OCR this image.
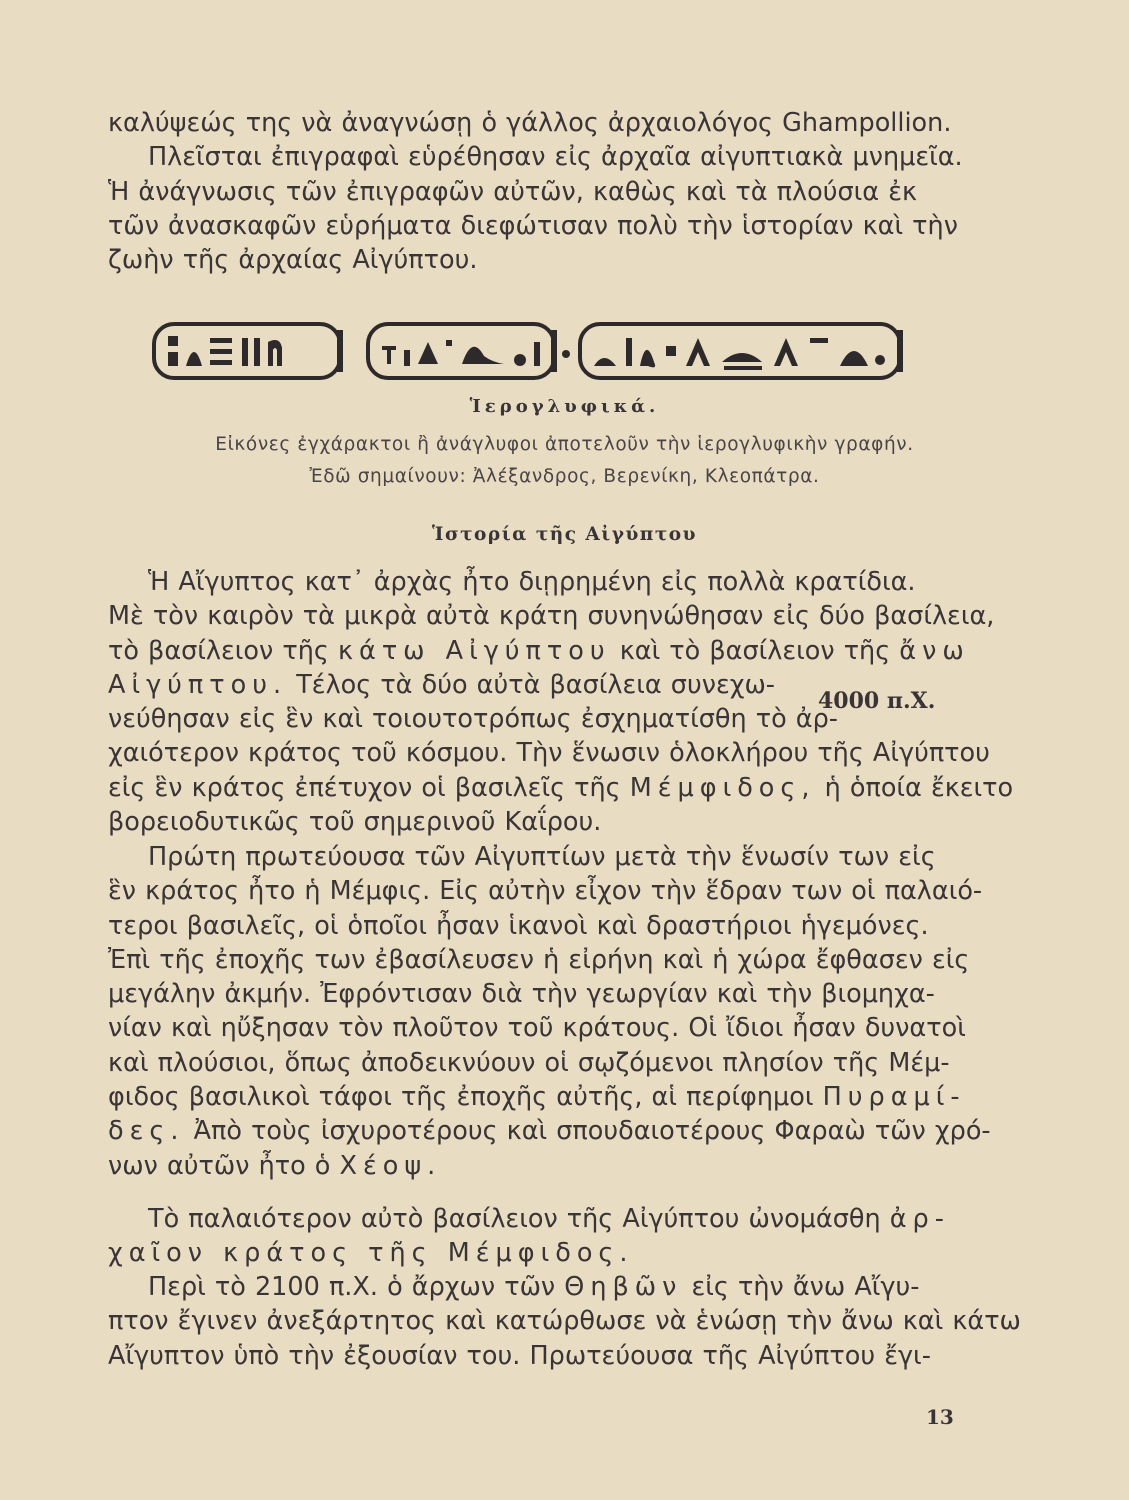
καλύψεώς της νὰ ἀναγνώσῃ ὁ γάλλος ἀρχαιολόγος Ghampollion.
Πλεῖσται ἐπιγραφαὶ εὑρέθησαν εἰς ἀρχαῖα αἰγυπτιακὰ μνημεῖα.
Ἡ ἀνάγνωσις τῶν ἐπιγραφῶν αὐτῶν, καθὼς καὶ τὰ πλούσια ἐκ
τῶν ἀνασκαφῶν εὑρήματα διεφώτισαν πολὺ τὴν ἱστορίαν καὶ τὴν
ζωὴν τῆς ἀρχαίας Αἰγύπτου.

Ἱερογλυφικά.
Εἰκόνες ἐγχάρακτοι ἢ ἀνάγλυφοι ἀποτελοῦν τὴν ἱερογλυφικὴν γραφήν.
Ἐδῶ σημαίνουν: Ἀλέξανδρος, Βερενίκη, Κλεοπάτρα.
Ἱστορία τῆς Αἰγύπτου

Ἡ Αἴγυπτος κατ᾽ ἀρχὰς ἦτο διῃρημένη εἰς πολλὰ κρατίδια.
Μὲ τὸν καιρὸν τὰ μικρὰ αὐτὰ κράτη συνηνώθησαν εἰς δύο βασίλεια,
τὸ βασίλειον τῆς κάτω Αἰγύπτου καὶ τὸ βασίλειον τῆς ἄνω
Αἰγύπτου. Τέλος τὰ δύο αὐτὰ βασίλεια συνεχω-
νεύθησαν εἰς ἓν καὶ τοιουτοτρόπως ἐσχηματίσθη τὸ ἀρ-
χαιότερον κράτος τοῦ κόσμου. Τὴν ἕνωσιν ὁλοκλήρου τῆς Αἰγύπτου
εἰς ἓν κράτος ἐπέτυχον οἱ βασιλεῖς τῆς Μέμφιδος, ἡ ὁποία ἔκειτο
βορειοδυτικῶς τοῦ σημερινοῦ Καΐρου.

4000 π.Χ.

Πρώτη πρωτεύουσα τῶν Αἰγυπτίων μετὰ τὴν ἕνωσίν των εἰς
ἓν κράτος ἦτο ἡ Μέμφις. Εἰς αὐτὴν εἶχον τὴν ἕδραν των οἱ παλαιό-
τεροι βασιλεῖς, οἱ ὁποῖοι ἦσαν ἱκανοὶ καὶ δραστήριοι ἡγεμόνες.
Ἐπὶ τῆς ἐποχῆς των ἐβασίλευσεν ἡ εἰρήνη καὶ ἡ χώρα ἔφθασεν εἰς
μεγάλην ἀκμήν. Ἐφρόντισαν διὰ τὴν γεωργίαν καὶ τὴν βιομηχα-
νίαν καὶ ηὔξησαν τὸν πλοῦτον τοῦ κράτους. Οἱ ἴδιοι ἦσαν δυνατοὶ
καὶ πλούσιοι, ὅπως ἀποδεικνύουν οἱ σῳζόμενοι πλησίον τῆς Μέμ-
φιδος βασιλικοὶ τάφοι τῆς ἐποχῆς αὐτῆς, αἱ περίφημοι Πυραμί-
δες. Ἀπὸ τοὺς ἰσχυροτέρους καὶ σπουδαιοτέρους Φαραὼ τῶν χρό-
νων αὐτῶν ἦτο ὁ Χέοψ.

Τὸ παλαιότερον αὐτὸ βασίλειον τῆς Αἰγύπτου ὠνομάσθη ἀρ-
χαῖον κράτος τῆς Μέμφιδος.

Περὶ τὸ 2100 π.Χ. ὁ ἄρχων τῶν Θηβῶν εἰς τὴν ἄνω Αἴγυ-
πτον ἔγινεν ἀνεξάρτητος καὶ κατώρθωσε νὰ ἑνώσῃ τὴν ἄνω καὶ κάτω
Αἴγυπτον ὑπὸ τὴν ἐξουσίαν του. Πρωτεύουσα τῆς Αἰγύπτου ἔγι-

13
